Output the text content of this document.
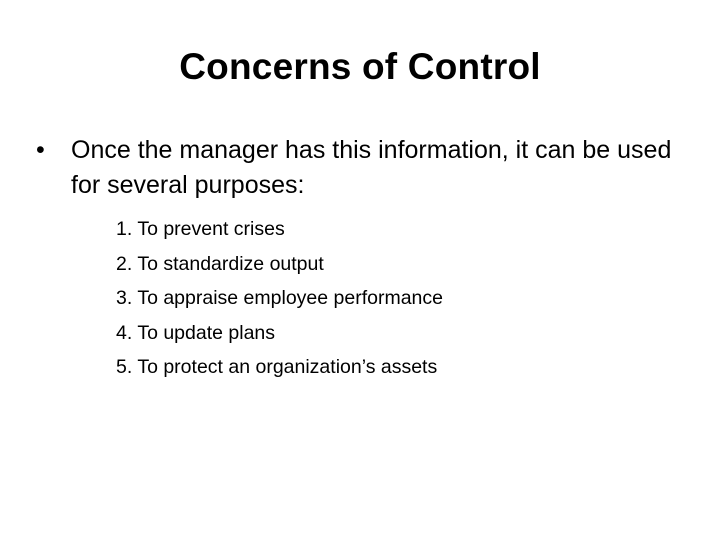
Concerns of Control
•	Once the manager has this information, it can be used for several purposes:
1. To prevent crises
2. To standardize output
3. To appraise employee performance
4. To update plans
5. To protect an organization’s assets
